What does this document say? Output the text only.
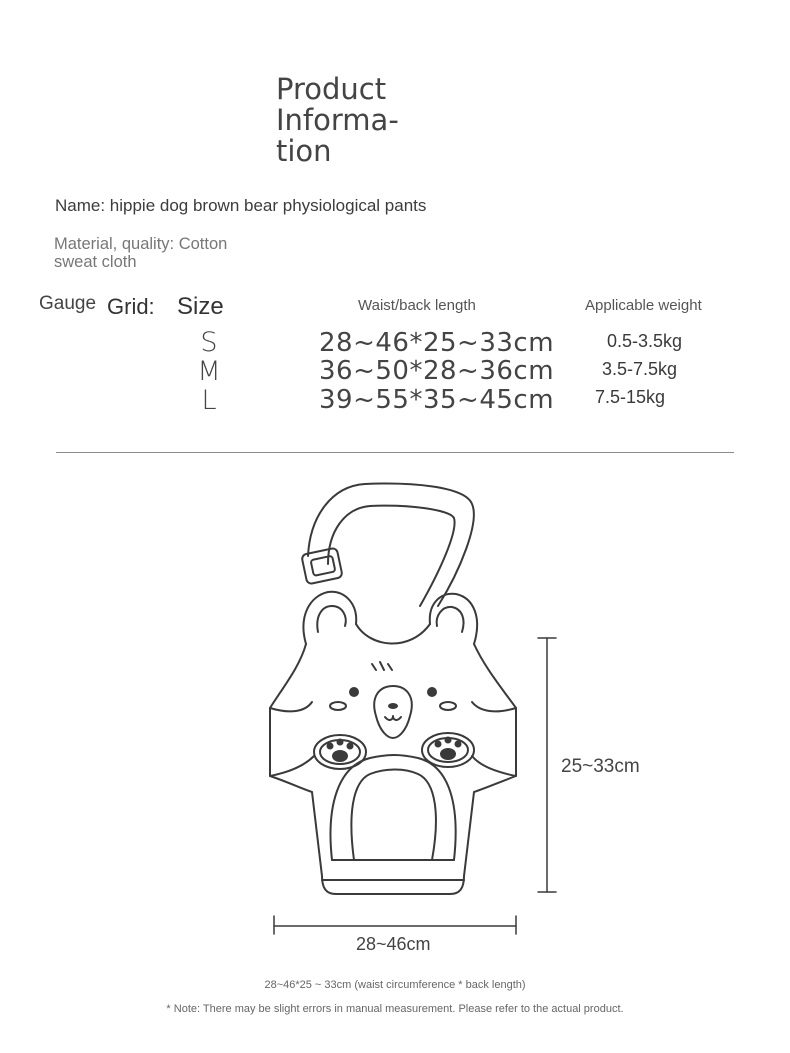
Product Informa-
tion
Name: hippie dog brown bear physiological pants
Material, quality: Cotton
sweat cloth
Gauge Grid: Size	Waist/back length	Applicable weight
S	28~46*25~33cm	0.5-3.5kg
M	36~50*28~36cm	3.5-7.5kg
L	39~55*35~45cm 7.5-15kg
25~33cm
28~46cm
28~46*25 ~ 33cm (waist circumference * back length)
* Note: There may be slight errors in manual measurement. Please refer to the actual product.
